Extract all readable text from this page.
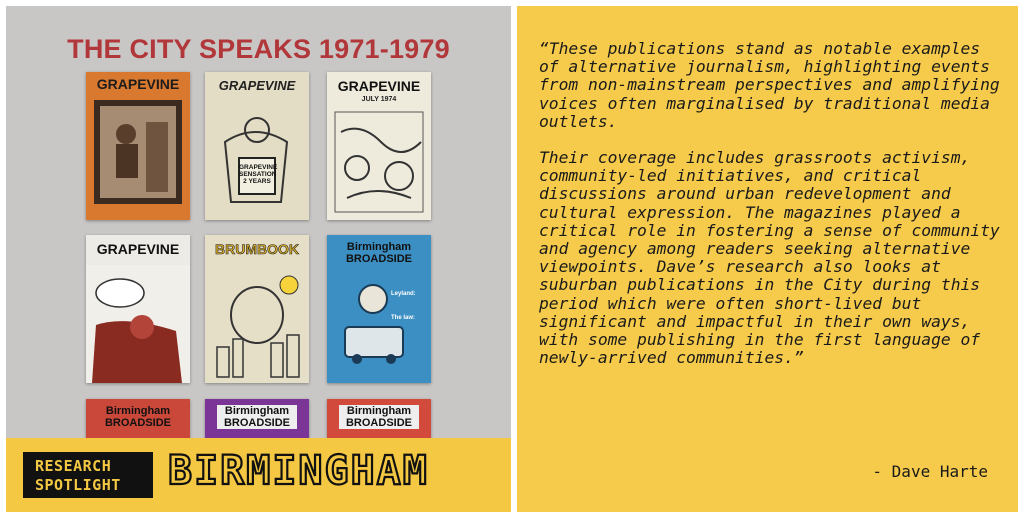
THE CITY SPEAKS 1971-1979
GRAPEVINE	GRAPEVINE
GRAPEVINE SENSATION 2 YEARS
GRAPEVINE
JULY 1974
GRAPEVINE	BRUMBOOK	Birmingham BROADSIDE
Leyland:
The law:
Birmingham BROADSIDE
Birmingham BROADSIDE
Birmingham BROADSIDE
RESEARCH
SPOTLIGHT	BIRMINGHAM

“These publications stand as notable examples of alternative journalism, highlighting events from non-mainstream perspectives and amplifying voices often marginalised by traditional media outlets.

Their coverage includes grassroots activism, community-led initiatives, and critical discussions around urban redevelopment and cultural expression. The magazines played a critical role in fostering a sense of community and agency among readers seeking alternative viewpoints. Dave’s research also looks at suburban publications in the City during this period which were often short-lived but significant and impactful in their own ways, with some publishing in the first language of newly-arrived communities.”

- Dave Harte
